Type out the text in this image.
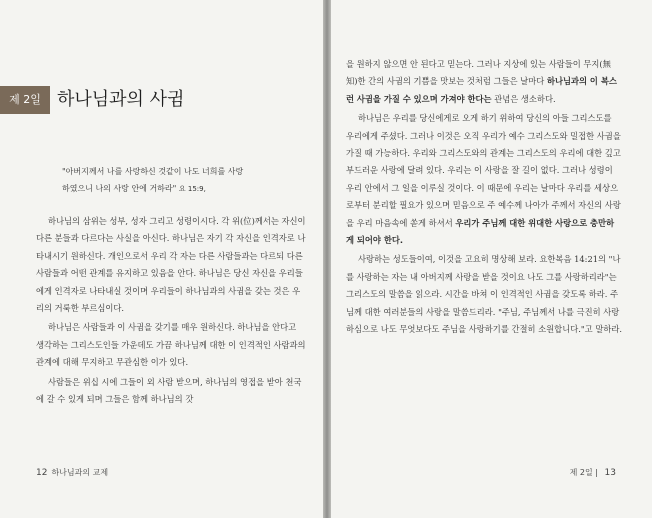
제 2일 하나님과의 사귐

"아버지께서 나를 사랑하신 것같이 나도 너희를 사랑

하였으니 나의 사랑 안에 거하라" 요 15:9,

하나님의 삼위는 성부, 성자 그리고 성령이시다. 각 위(位)께서는 자신이 다른 분들과 다르다는 사실을 아신다. 하나님은 자기 각 자신을 인격자로 나타내시기 원하신다. 개인으로서 우리 각 자는 다른 사람들과는 다르되 다른 사람들과 어떤 관계를 유지하고 있음을 안다. 하나님은 당신 자신을 우리들에게 인격자로 나타내실 것이며 우리들이 하나님과의 사귐을 갖는 것은 우리의 거룩한 부르심이다.

하나님은 사람들과 이 사귐을 갖기를 매우 원하신다. 하나님을 안다고 생각하는 그리스도인들 가운데도 가끔 하나님께 대한 이 인격적인 사람과의 관계에 대해 무지하고 무관심한 이가 있다.

사람들은 위십 시에 그들이 외 사람 받으며, 하나님의 영접을 받아 천국에 갈 수 있게 되며 그들은 함께 하나님의 갓

을 원하지 않으면 안 된다고 믿는다. 그러나 지상에 있는 사람들이 무지(無知)한 간의 사귐의 기쁨을 맛보는 것처럼 그들은 날마다 하나님과의 이 복스런 사귐을 가질 수 있으며 가져야 한다는 관념은 생소하다.

하나님은 우리를 당신에게로 오게 하기 위하여 당신의 아들 그리스도를 우리에게 주셨다. 그러나 이것은 오직 우리가 예수 그리스도와 밀접한 사귐을 가질 때 가능하다. 우리와 그리스도와의 관계는 그리스도의 우리에 대한 깊고 부드러운 사랑에 달려 있다. 우리는 이 사랑을 잘 길이 없다. 그러나 성령이 우리 안에서 그 일을 이루실 것이다. 이 때문에 우리는 날마다 우리를 세상으로부터 분리할 필요가 있으며 믿음으로 주 예수께 나아가 주께서 자신의 사랑을 우리 마음속에 쏟게 하셔서 우리가 주님께 대한 위대한 사랑으로 충만하게 되어야 한다.

사랑하는 성도들이여, 이것을 고요히 명상해 보라. 요한복음 14:21의 "나를 사랑하는 자는 내 아버지께 사랑을 받을 것이요 나도 그를 사랑하리라"는 그리스도의 말씀을 읽으라. 시간을 바쳐 이 인격적인 사귐을 갖도록 하라. 주님께 대한 여러분들의 사랑을 말씀드리라. "주님, 주님께서 나를 극진히 사랑하심으로 나도 무엇보다도 주님을 사랑하기를 간절히 소원합니다."고 말하라.

12 하나님과의 교제	제 2일 | 13
